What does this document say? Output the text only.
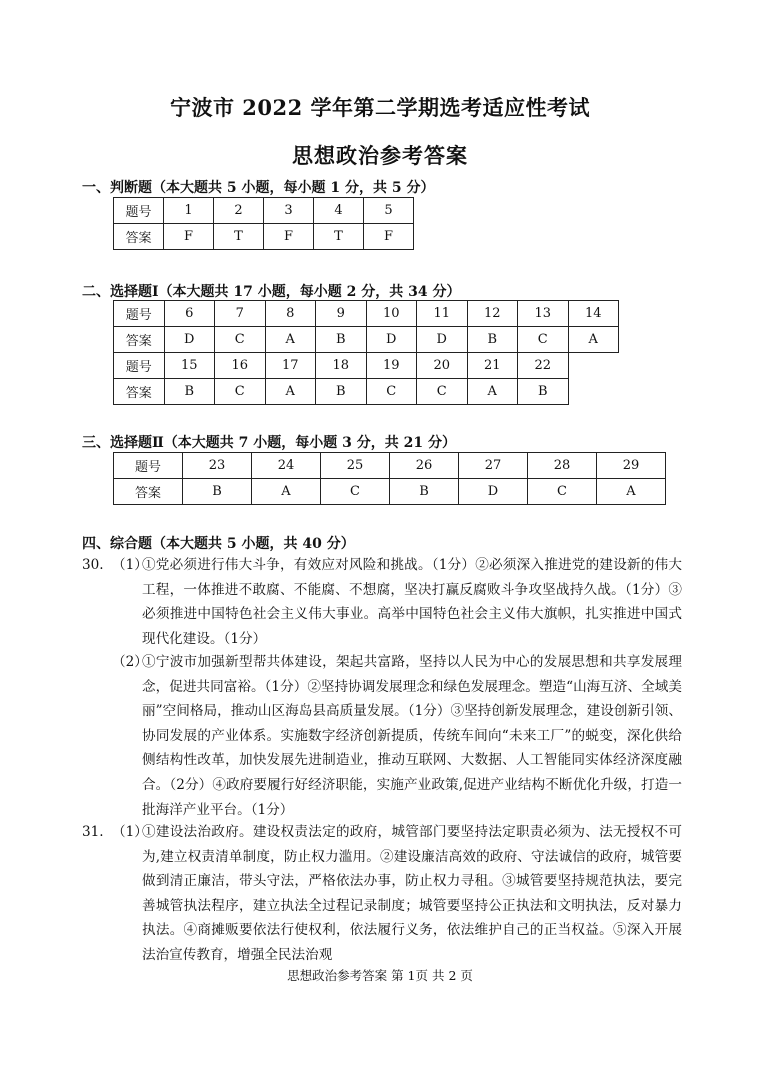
宁波市 2022 学年第二学期选考适应性考试
思想政治参考答案
一、判断题（本大题共 5 小题，每小题 1 分，共 5 分）
题号	1	2	3	4	5
答案	F	T	F	T	F
二、选择题Ⅰ（本大题共 17 小题，每小题 2 分，共 34 分）
题号	6	7	8	9	10	11	12	13	14
答案	D	C	A	B	D	D	B	C	A
题号	15	16	17	18	19	20	21	22	
答案	B	C	A	B	C	C	A	B	
三、选择题Ⅱ（本大题共 7 小题，每小题 3 分，共 21 分）
题号	23	24	25	26	27	28	29
答案	B	A	C	B	D	C	A
四、综合题（本大题共 5 小题，共 40 分）
30. （1）
①党必须进行伟大斗争，有效应对风险和挑战。（1分）②必须深入推进党的建设新的伟大工程，一体推进不敢腐、不能腐、不想腐，坚决打赢反腐败斗争攻坚战持久战。（1分）③必须推进中国特色社会主义伟大事业。高举中国特色社会主义伟大旗帜，扎实推进中国式现代化建设。（1分）
（2）
①宁波市加强新型帮共体建设，架起共富路，坚持以人民为中心的发展思想和共享发展理念，促进共同富裕。（1分）②坚持协调发展理念和绿色发展理念。塑造“山海互济、全域美丽”空间格局，推动山区海岛县高质量发展。（1分）③坚持创新发展理念，建设创新引领、协同发展的产业体系。实施数字经济创新提质，传统车间向“未来工厂”的蜕变，深化供给侧结构性改革，加快发展先进制造业，推动互联网、大数据、人工智能同实体经济深度融合。（2分）④政府要履行好经济职能，实施产业政策,促进产业结构不断优化升级，打造一批海洋产业平台。（1分）
31. （1）
①建设法治政府。建设权责法定的政府，城管部门要坚持法定职责必须为、法无授权不可为,建立权责清单制度，防止权力滥用。②建设廉洁高效的政府、守法诚信的政府，城管要做到清正廉洁，带头守法，严格依法办事，防止权力寻租。③城管要坚持规范执法，要完善城管执法程序，建立执法全过程记录制度；城管要坚持公正执法和文明执法，反对暴力执法。④商摊贩要依法行使权利，依法履行义务，依法维护自己的正当权益。⑤深入开展法治宣传教育，增强全民法治观
思想政治参考答案 第 1页 共 2 页
